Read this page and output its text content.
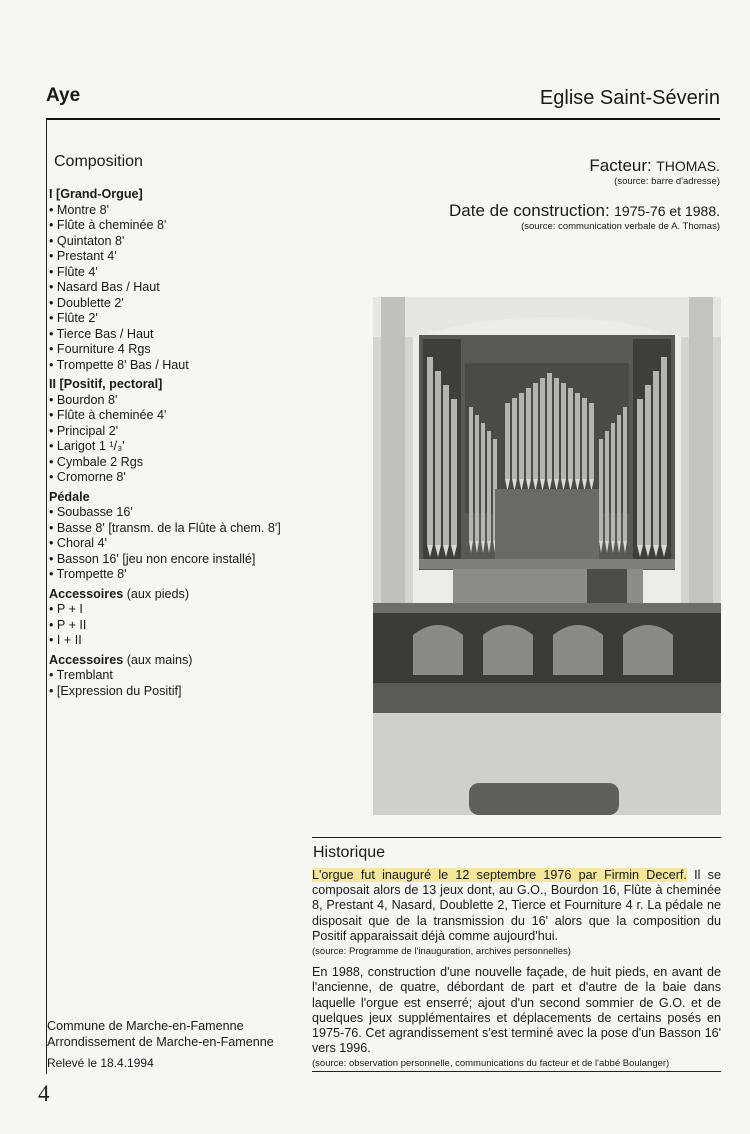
Aye	Eglise Saint-Séverin
Composition
I [Grand-Orgue]
• Montre 8'
• Flûte à cheminée 8'
• Quintaton 8'
• Prestant 4'
• Flûte 4'
• Nasard Bas / Haut
• Doublette 2'
• Flûte 2'
• Tierce Bas / Haut
• Fourniture 4 Rgs
• Trompette 8' Bas / Haut
II [Positif, pectoral]
• Bourdon 8'
• Flûte à cheminée 4'
• Principal 2'
• Larigot 1 ¹/₃'
• Cymbale 2 Rgs
• Cromorne 8'
Pédale
• Soubasse 16'
• Basse 8' [transm. de la Flûte à chem. 8']
• Choral 4'
• Basson 16' [jeu non encore installé]
• Trompette 8'
Accessoires (aux pieds)
• P + I
• P + II
• I + II
Accessoires (aux mains)
• Tremblant
• [Expression du Positif]
Facteur: THOMAS.
(source: barre d'adresse)
Date de construction: 1975-76 et 1988.
(source: communication verbale de A. Thomas)
Historique

L'orgue fut inauguré le 12 septembre 1976 par Firmin Decerf. Il se composait alors de 13 jeux dont, au G.O., Bourdon 16, Flûte à cheminée 8, Prestant 4, Nasard, Doublette 2, Tierce et Fourniture 4 r. La pédale ne disposait que de la transmission du 16' alors que la composition du Positif apparaissait déjà comme aujourd'hui.

(source: Programme de l'inauguration, archives personnelles)

En 1988, construction d'une nouvelle façade, de huit pieds, en avant de l'ancienne, de quatre, débordant de part et d'autre de la baie dans laquelle l'orgue est enserré; ajout d'un second sommier de G.O. et de quelques jeux supplémentaires et déplacements de certains posés en 1975-76. Cet agrandissement s'est terminé avec la pose d'un Basson 16' vers 1996.

(source: observation personnelle, communications du facteur et de l'abbé Boulanger)

Commune de Marche-en-Famenne
Arrondissement de Marche-en-Famenne
Relevé le 18.4.1994
4
